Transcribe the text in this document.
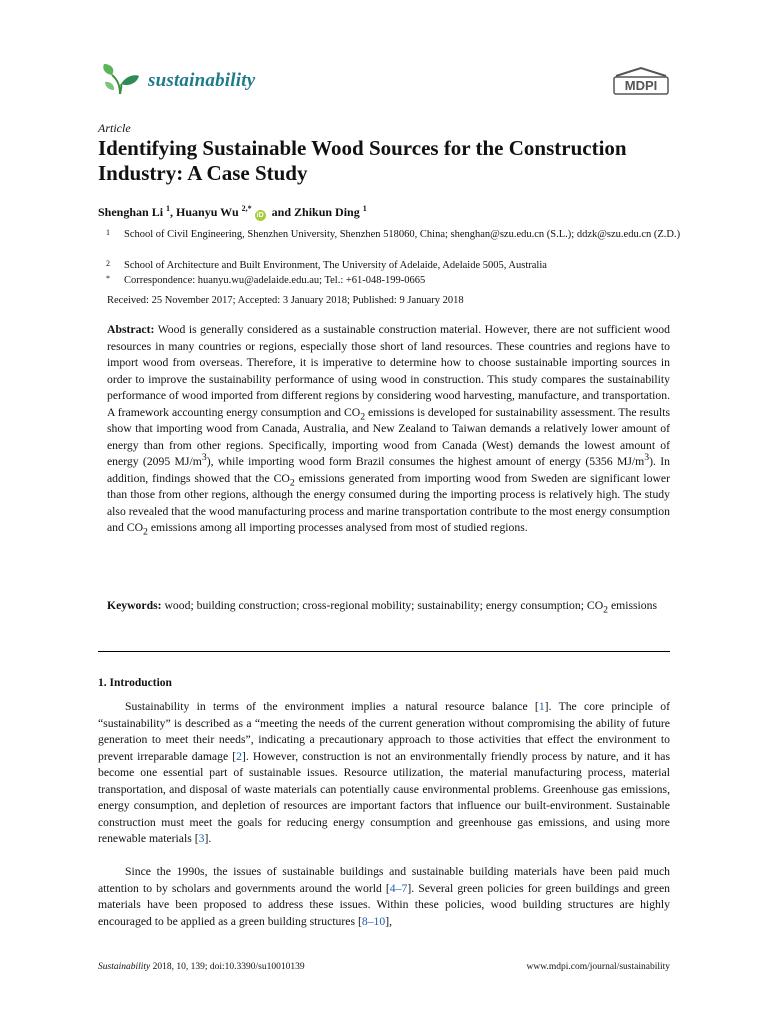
sustainability	MDPI
Article
Identifying Sustainable Wood Sources for the Construction Industry: A Case Study
Shenghan Li $^1$, Huanyu Wu $^{2,*}$iD and Zhikun Ding $^1$
1 School of Civil Engineering, Shenzhen University, Shenzhen 518060, China; shenghan@szu.edu.cn (S.L.); ddzk@szu.edu.cn (Z.D.)
2 School of Architecture and Built Environment, The University of Adelaide, Adelaide 5005, Australia
* Correspondence: huanyu.wu@adelaide.edu.au; Tel.: +61-048-199-0665
Received: 25 November 2017; Accepted: 3 January 2018; Published: 9 January 2018

Abstract: Wood is generally considered as a sustainable construction material. However, there are not sufficient wood resources in many countries or regions, especially those short of land resources. These countries and regions have to import wood from overseas. Therefore, it is imperative to determine how to choose sustainable importing sources in order to improve the sustainability performance of using wood in construction. This study compares the sustainability performance of wood imported from different regions by considering wood harvesting, manufacture, and transportation. A framework accounting energy consumption and $CO_2$ emissions is developed for sustainability assessment. The results show that importing wood from Canada, Australia, and New Zealand to Taiwan demands a relatively lower amount of energy than from other regions. Specifically, importing wood from Canada (West) demands the lowest amount of energy (2095 $MJ/m^3$), while importing wood form Brazil consumes the highest amount of energy (5356 $MJ/m^3$). In addition, findings showed that the $CO_2$ emissions generated from importing wood from Sweden are significant lower than those from other regions, although the energy consumed during the importing process is relatively high. The study also revealed that the wood manufacturing process and marine transportation contribute to the most energy consumption and $CO_2$ emissions among all importing processes analysed from most of studied regions.

Keywords: wood; building construction; cross-regional mobility; sustainability; energy consumption; $CO_2$ emissions

1. Introduction

Sustainability in terms of the environment implies a natural resource balance [1]. The core principle of “sustainability” is described as a “meeting the needs of the current generation without compromising the ability of future generation to meet their needs”, indicating a precautionary approach to those activities that effect the environment to prevent irreparable damage [2]. However, construction is not an environmentally friendly process by nature, and it has become one essential part of sustainable issues. Resource utilization, the material manufacturing process, material transportation, and disposal of waste materials can potentially cause environmental problems. Greenhouse gas emissions, energy consumption, and depletion of resources are important factors that influence our built-environment. Sustainable construction must meet the goals for reducing energy consumption and greenhouse gas emissions, and using more renewable materials [3].

Since the 1990s, the issues of sustainable buildings and sustainable building materials have been paid much attention to by scholars and governments around the world [4–7]. Several green policies for green buildings and green materials have been proposed to address these issues. Within these policies, wood building structures are highly encouraged to be applied as a green building structures [8–10],

Sustainability 2018, 10, 139; doi:10.3390/su10010139	www.mdpi.com/journal/sustainability
